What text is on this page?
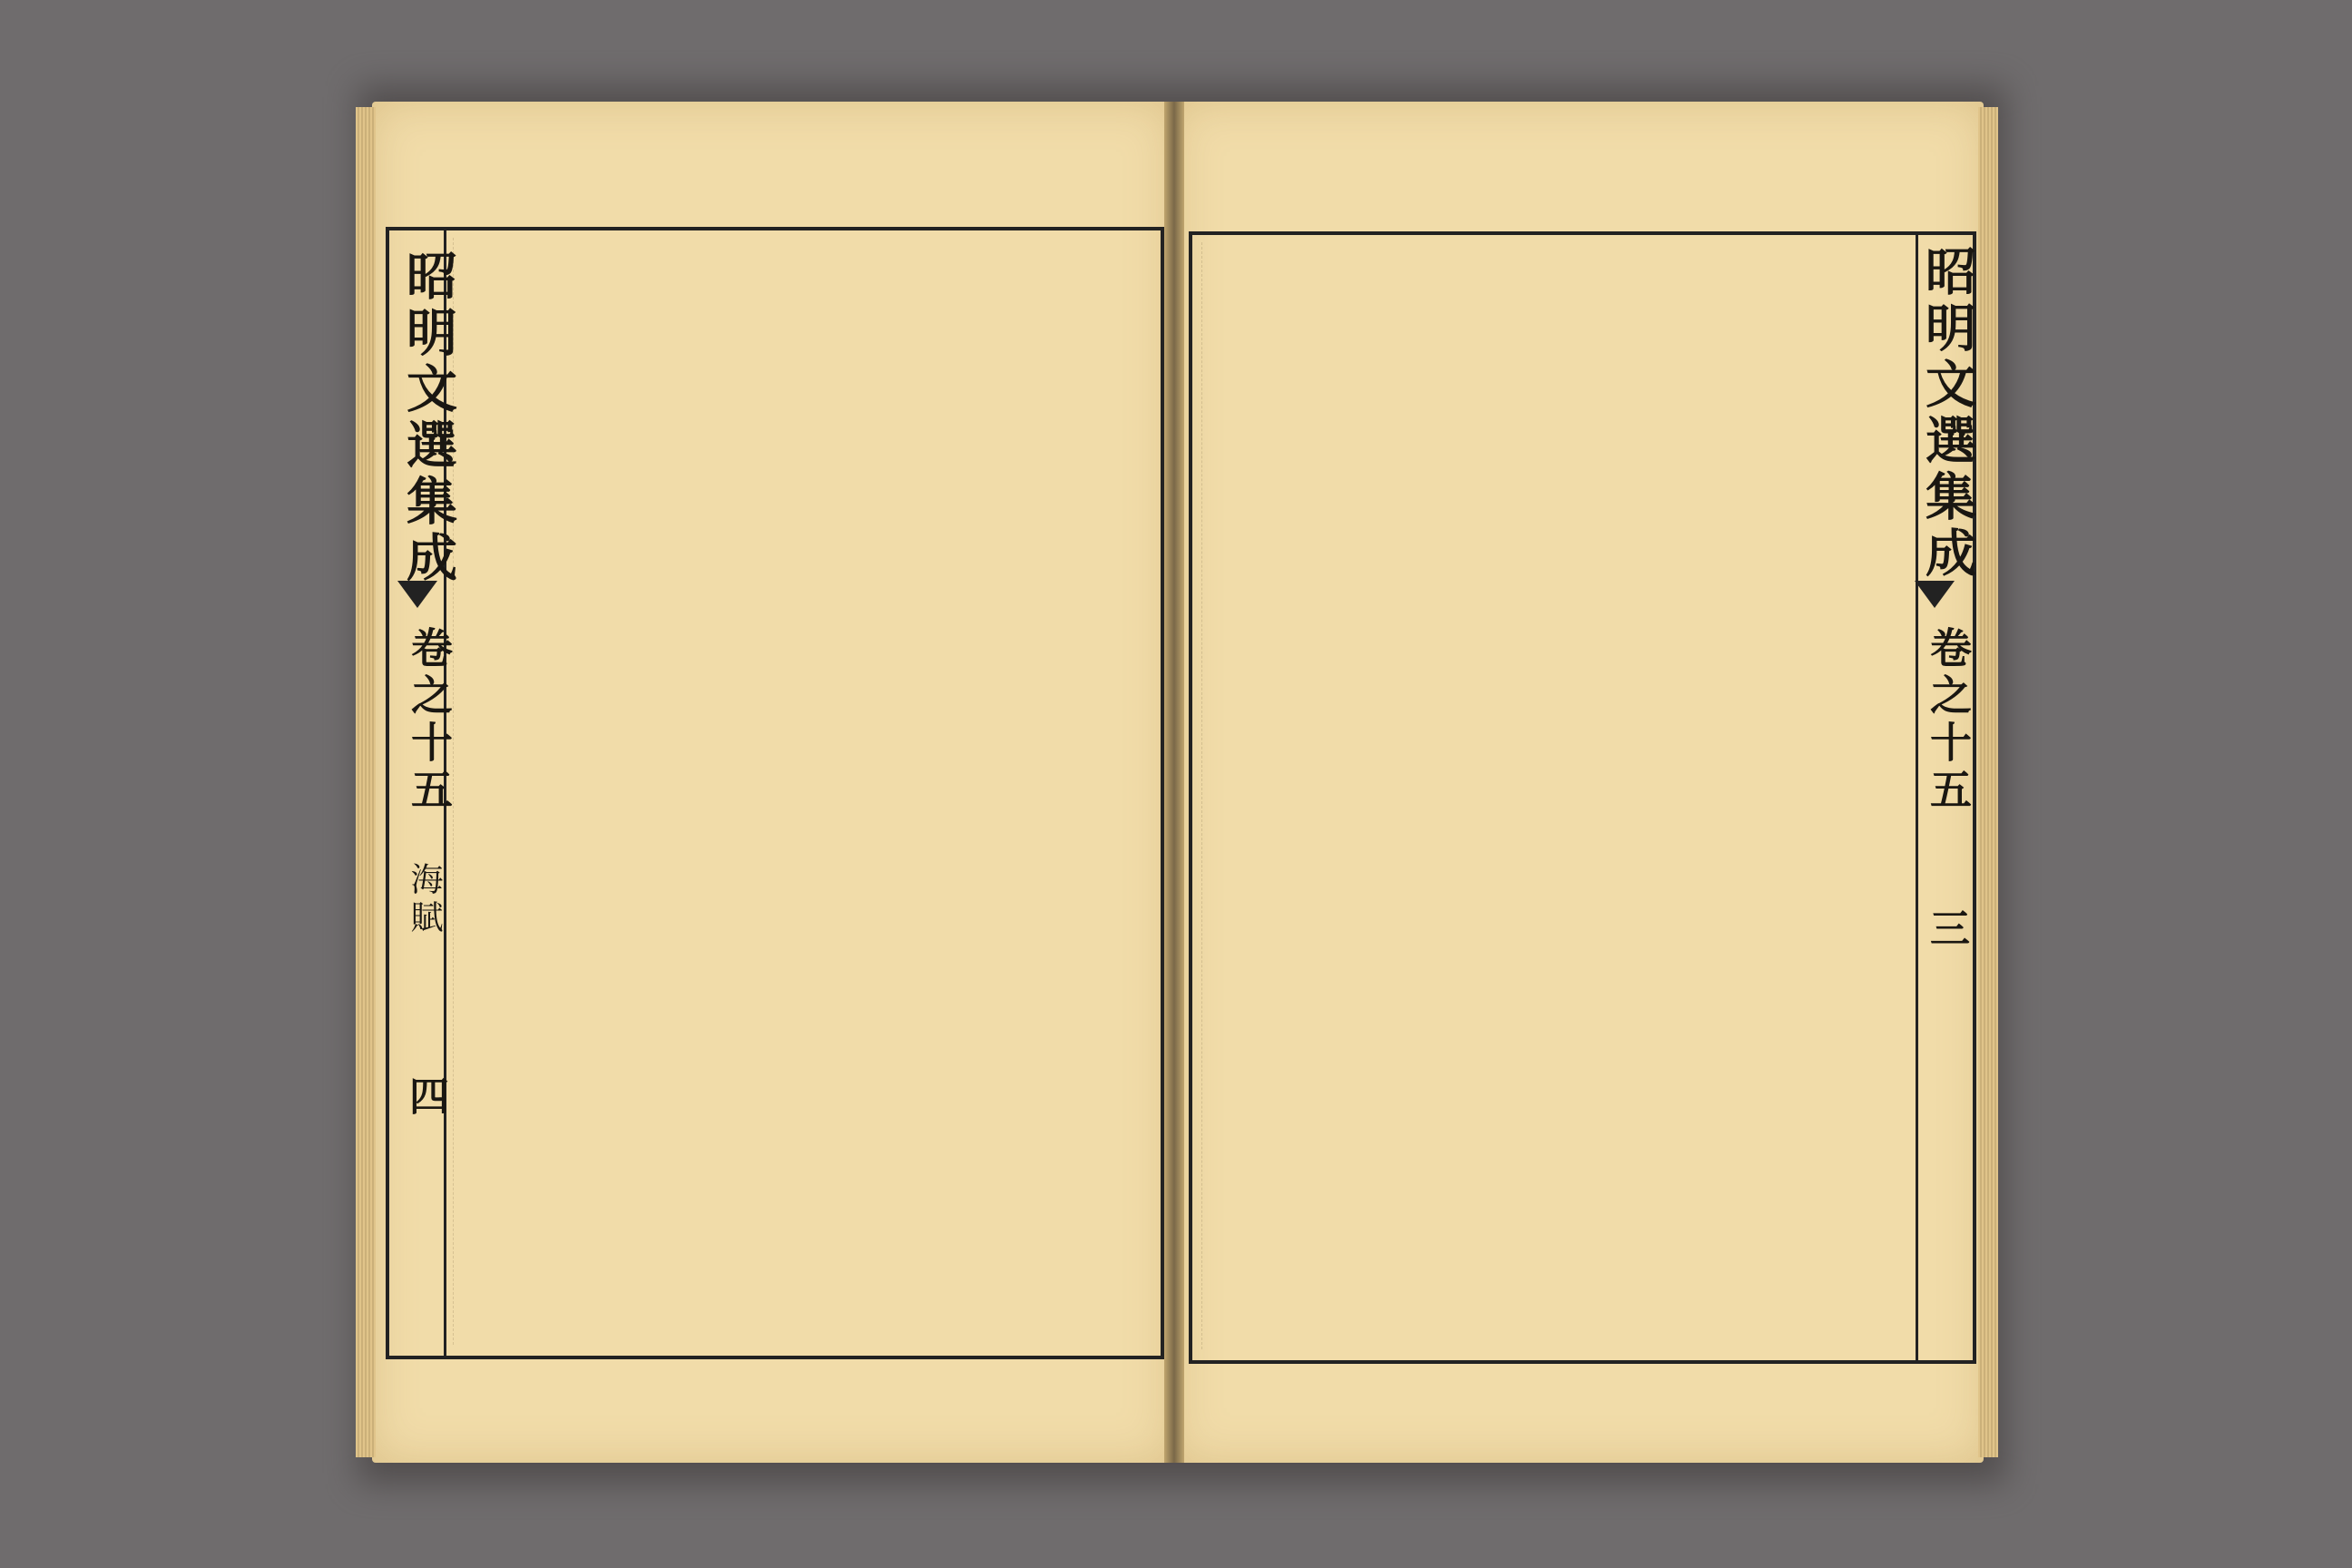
昭明文選集成
卷之十五
海賦
四
昭明文選集成
卷之十五
三
